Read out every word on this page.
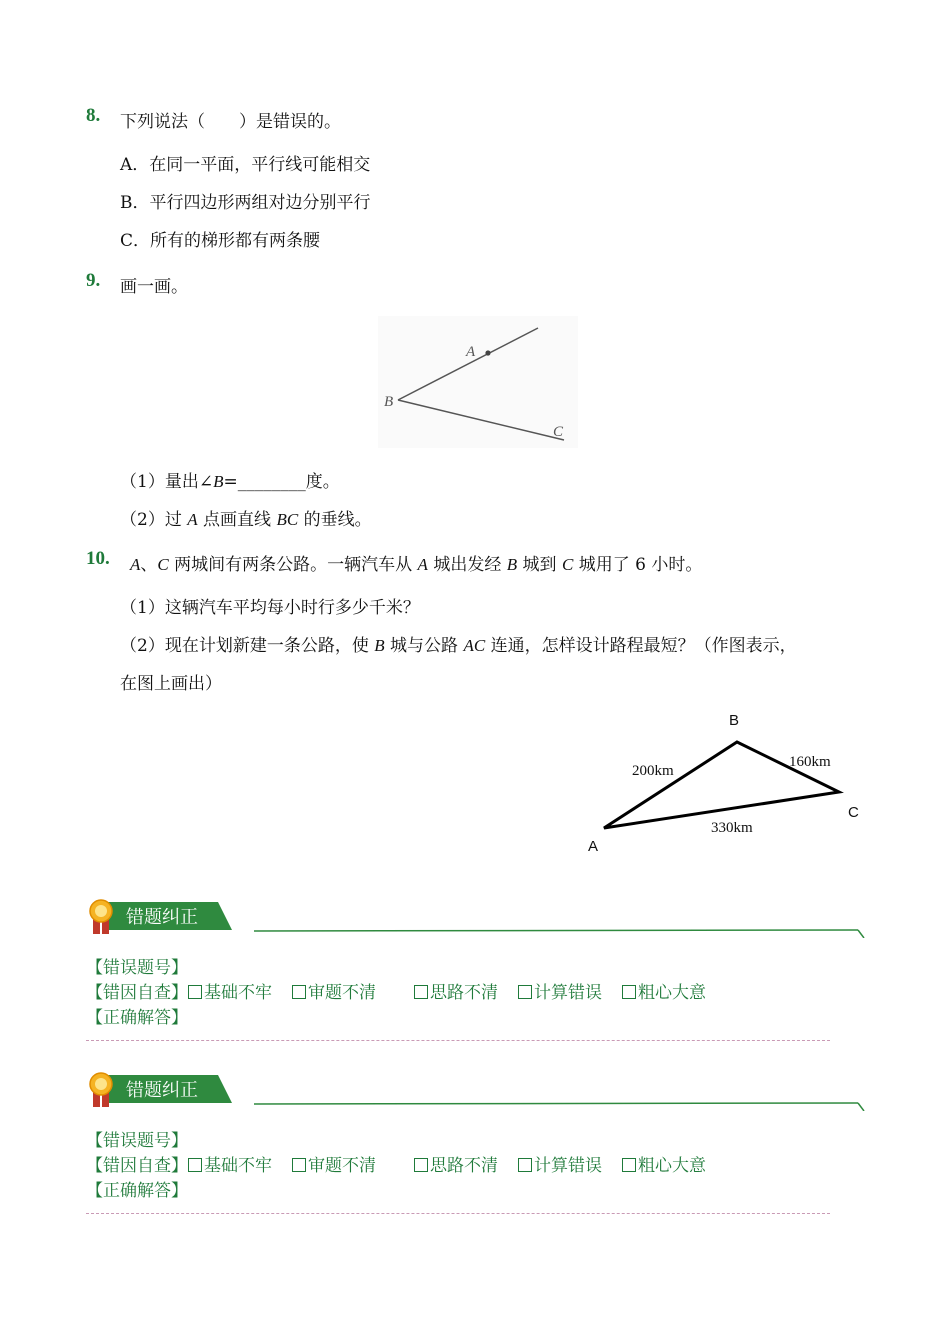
8. 下列说法（　　）是错误的。
A．在同一平面，平行线可能相交
B．平行四边形两组对边分别平行
C．所有的梯形都有两条腰
9. 画一画。
A
B
C
（1）量出∠B=________度。
（2）过 A 点画直线 BC 的垂线。
10. A、C 两城间有两条公路。一辆汽车从 A 城出发经 B 城到 C 城用了 6 小时。
（1）这辆汽车平均每小时行多少千米？
（2）现在计划新建一条公路，使 B 城与公路 AC 连通，怎样设计路程最短？（作图表示，
在图上画出）
B
A
C
200km
160km
330km
错题纠正
【错误题号】
【错因自查】 基础不牢 审题不清	思路不清 计算错误 粗心大意
【正确解答】
错题纠正
【错误题号】
【错因自查】 基础不牢 审题不清	思路不清 计算错误 粗心大意
【正确解答】
